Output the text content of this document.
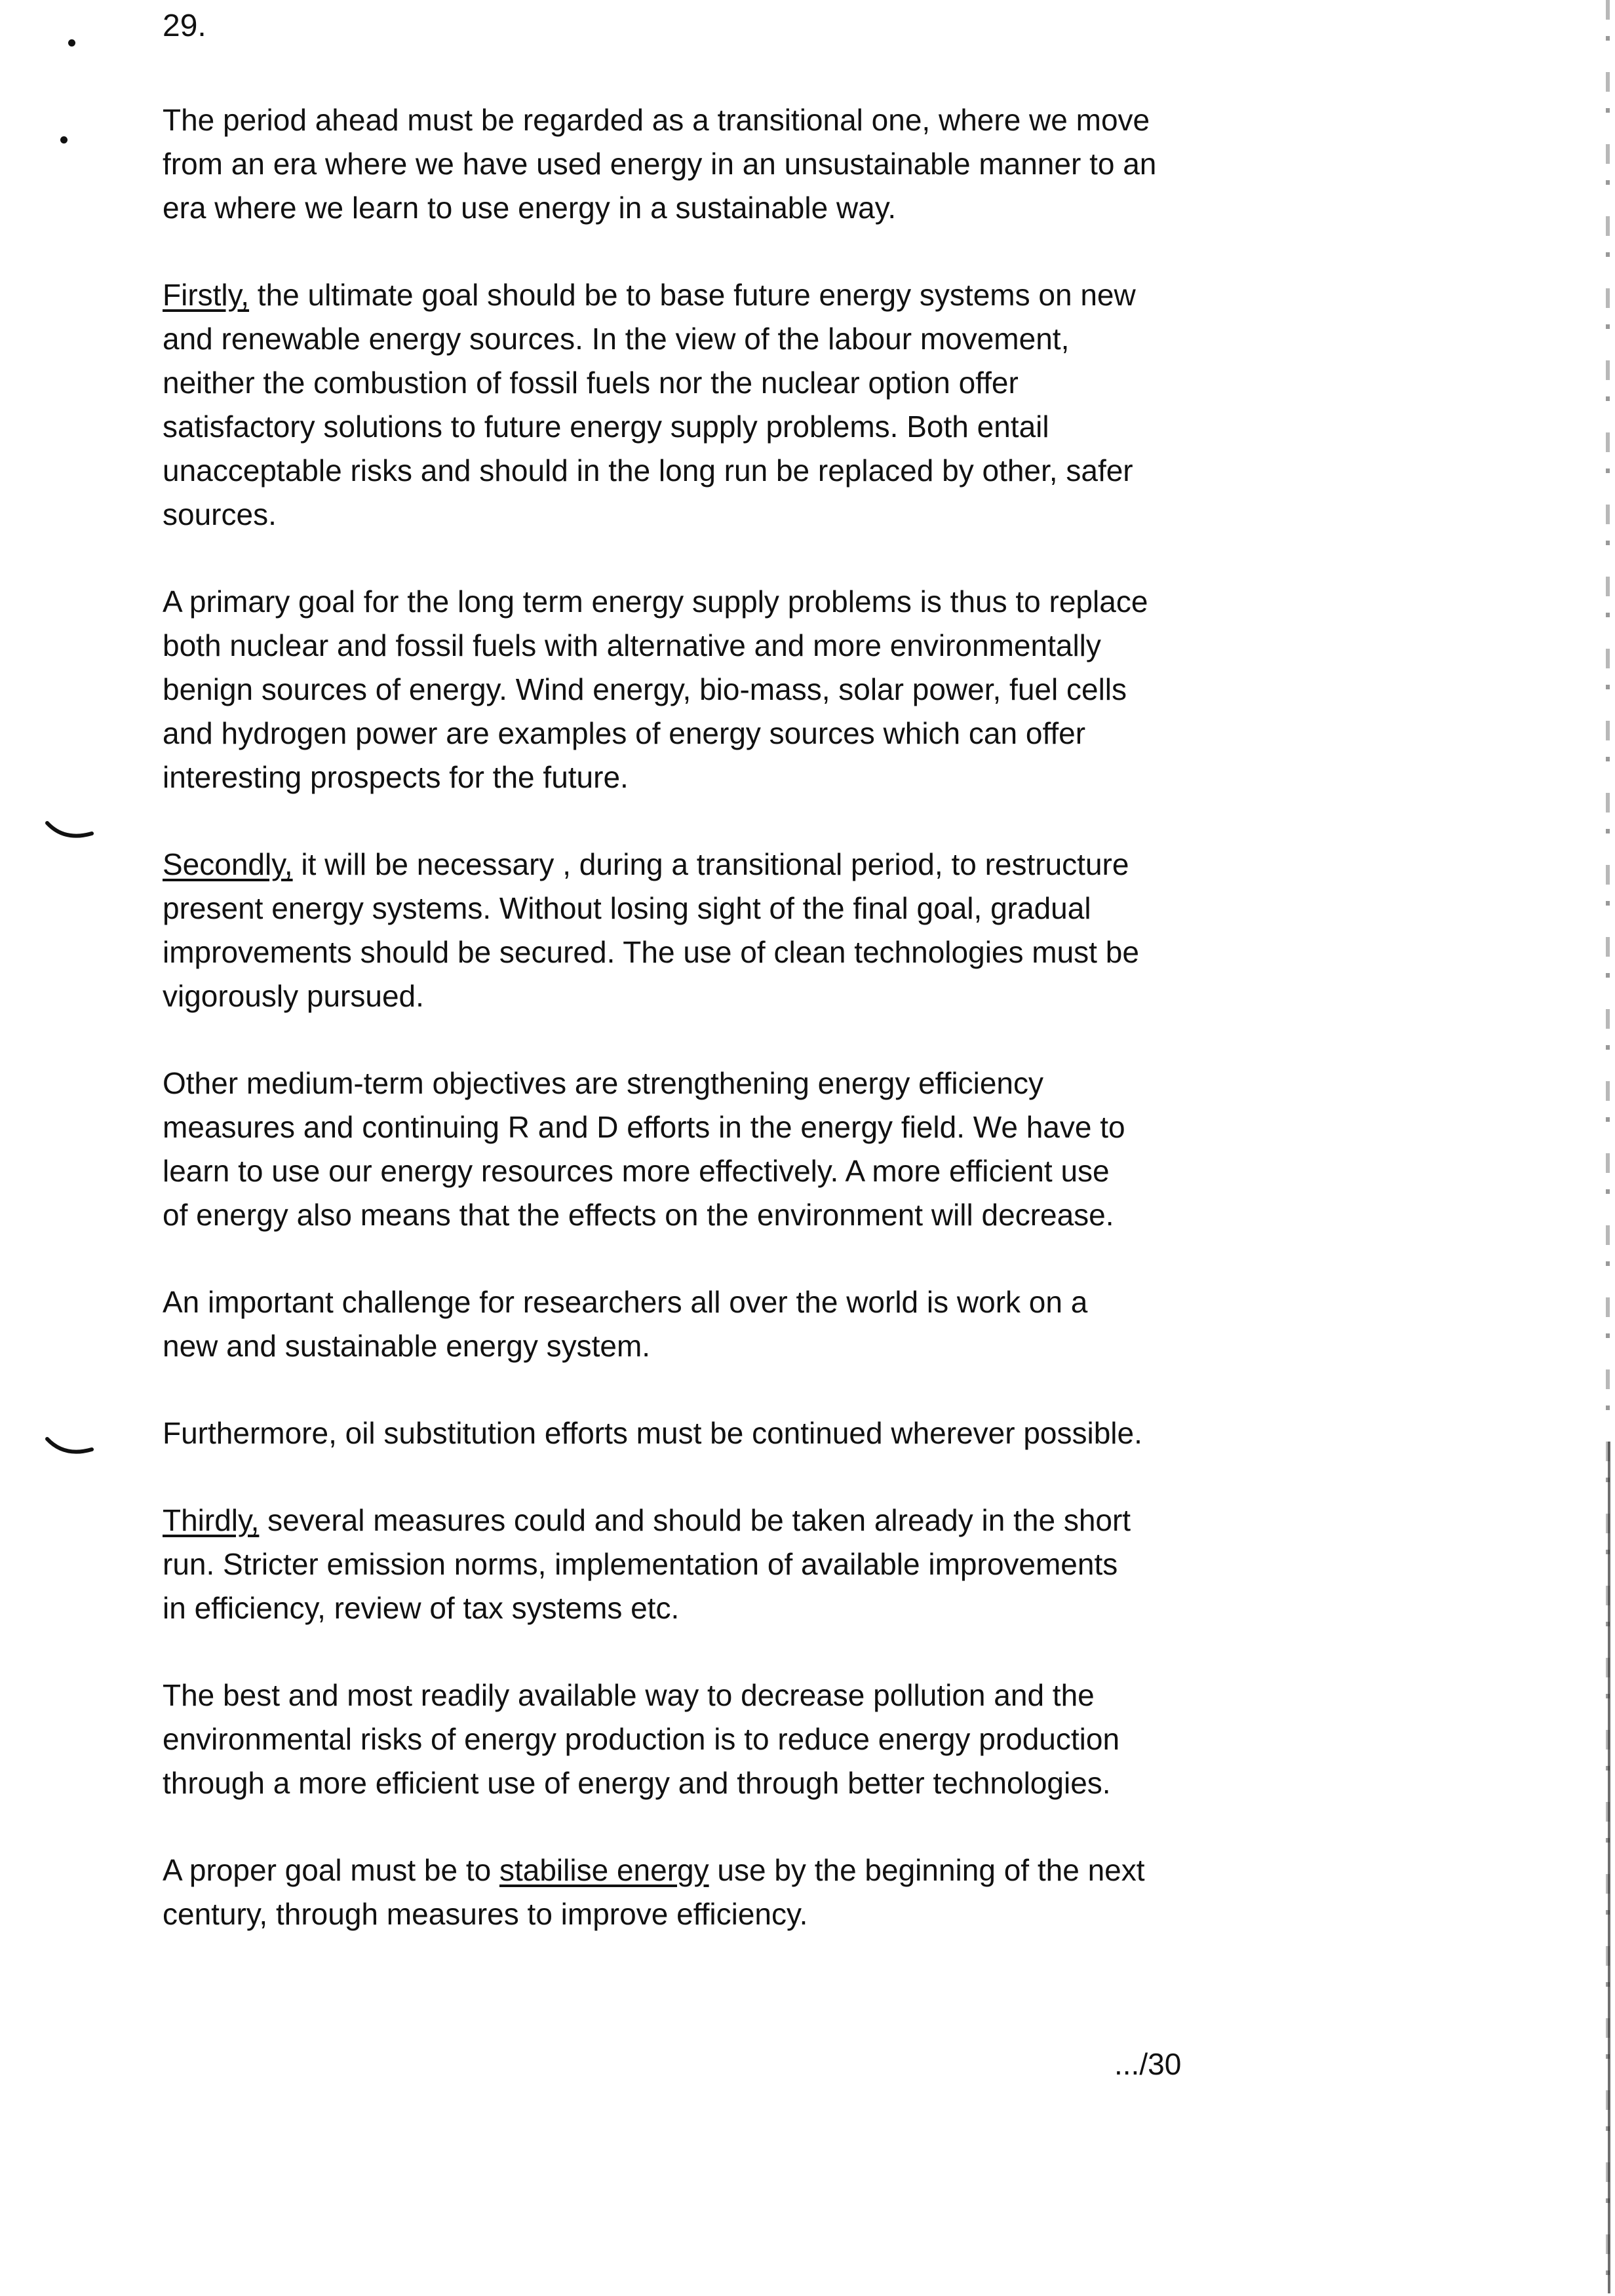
29.

The period ahead must be regarded as a transitional one, where we move
from an era where we have used energy in an unsustainable manner to an
era where we learn to use energy in a sustainable way.

Firstly, the ultimate goal should be to base future energy systems on new
and renewable energy sources. In the view of the labour movement,
neither the combustion of fossil fuels nor the nuclear option offer
satisfactory solutions to future energy supply problems. Both entail
unacceptable risks and should in the long run be replaced by other, safer
sources.

A primary goal for the long term energy supply problems is thus to replace
both nuclear and fossil fuels with alternative and more environmentally
benign sources of energy. Wind energy, bio-mass, solar power, fuel cells
and hydrogen power are examples of energy sources which can offer
interesting prospects for the future.

Secondly, it will be necessary , during a transitional period, to restructure
present energy systems. Without losing sight of the final goal, gradual
improvements should be secured. The use of clean technologies must be
vigorously pursued.

Other medium-term objectives are strengthening energy efficiency
measures and continuing R and D efforts in the energy field. We have to
learn to use our energy resources more effectively. A more efficient use
of energy also means that the effects on the environment will decrease.

An important challenge for researchers all over the world is work on a
new and sustainable energy system.

Furthermore, oil substitution efforts must be continued wherever possible.

Thirdly, several measures could and should be taken already in the short
run. Stricter emission norms, implementation of available improvements
in efficiency, review of tax systems etc.

The best and most readily available way to decrease pollution and the
environmental risks of energy production is to reduce energy production
through a more efficient use of energy and through better technologies.

A proper goal must be to stabilise energy use by the beginning of the next
century, through measures to improve efficiency.

.../30
